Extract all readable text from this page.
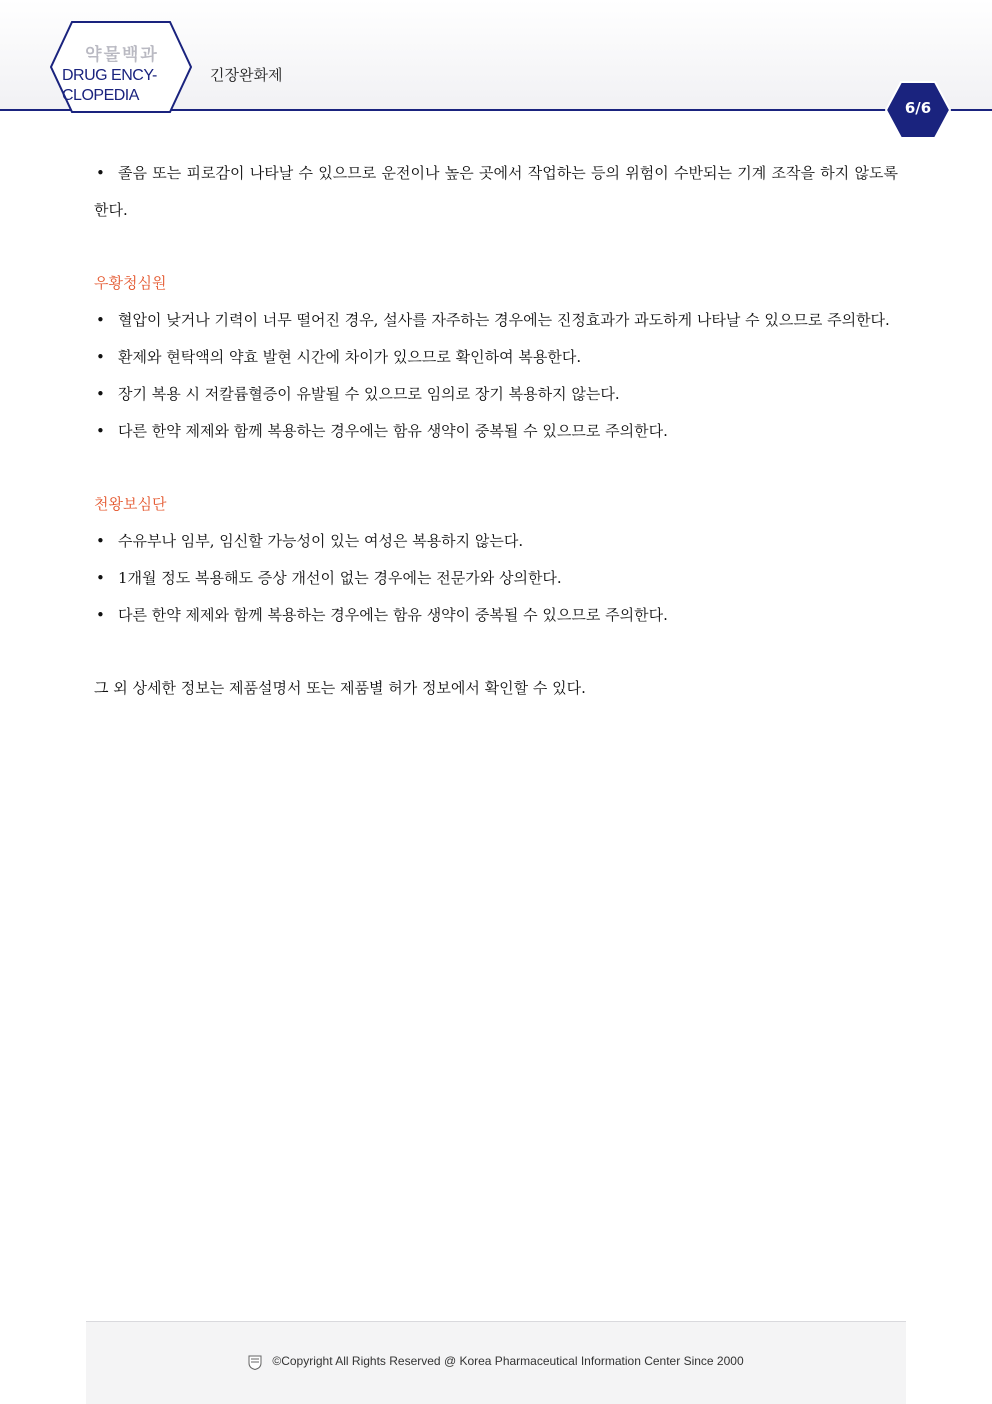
약물백과
DRUG ENCY-
CLOPEDIA
긴장완화제
6/6
• 졸음 또는 피로감이 나타날 수 있으므로 운전이나 높은 곳에서 작업하는 등의 위험이 수반되는 기계 조작을 하지 않도록 한다.
우황청심원
• 혈압이 낮거나 기력이 너무 떨어진 경우, 설사를 자주하는 경우에는 진정효과가 과도하게 나타날 수 있으므로 주의한다.
• 환제와 현탁액의 약효 발현 시간에 차이가 있으므로 확인하여 복용한다.
• 장기 복용 시 저칼륨혈증이 유발될 수 있으므로 임의로 장기 복용하지 않는다.
• 다른 한약 제제와 함께 복용하는 경우에는 함유 생약이 중복될 수 있으므로 주의한다.
천왕보심단
• 수유부나 임부, 임신할 가능성이 있는 여성은 복용하지 않는다.
• 1개월 정도 복용해도 증상 개선이 없는 경우에는 전문가와 상의한다.
• 다른 한약 제제와 함께 복용하는 경우에는 함유 생약이 중복될 수 있으므로 주의한다.
그 외 상세한 정보는 제품설명서 또는 제품별 허가 정보에서 확인할 수 있다.
©Copyright All Rights Reserved @ Korea Pharmaceutical Information Center Since 2000
